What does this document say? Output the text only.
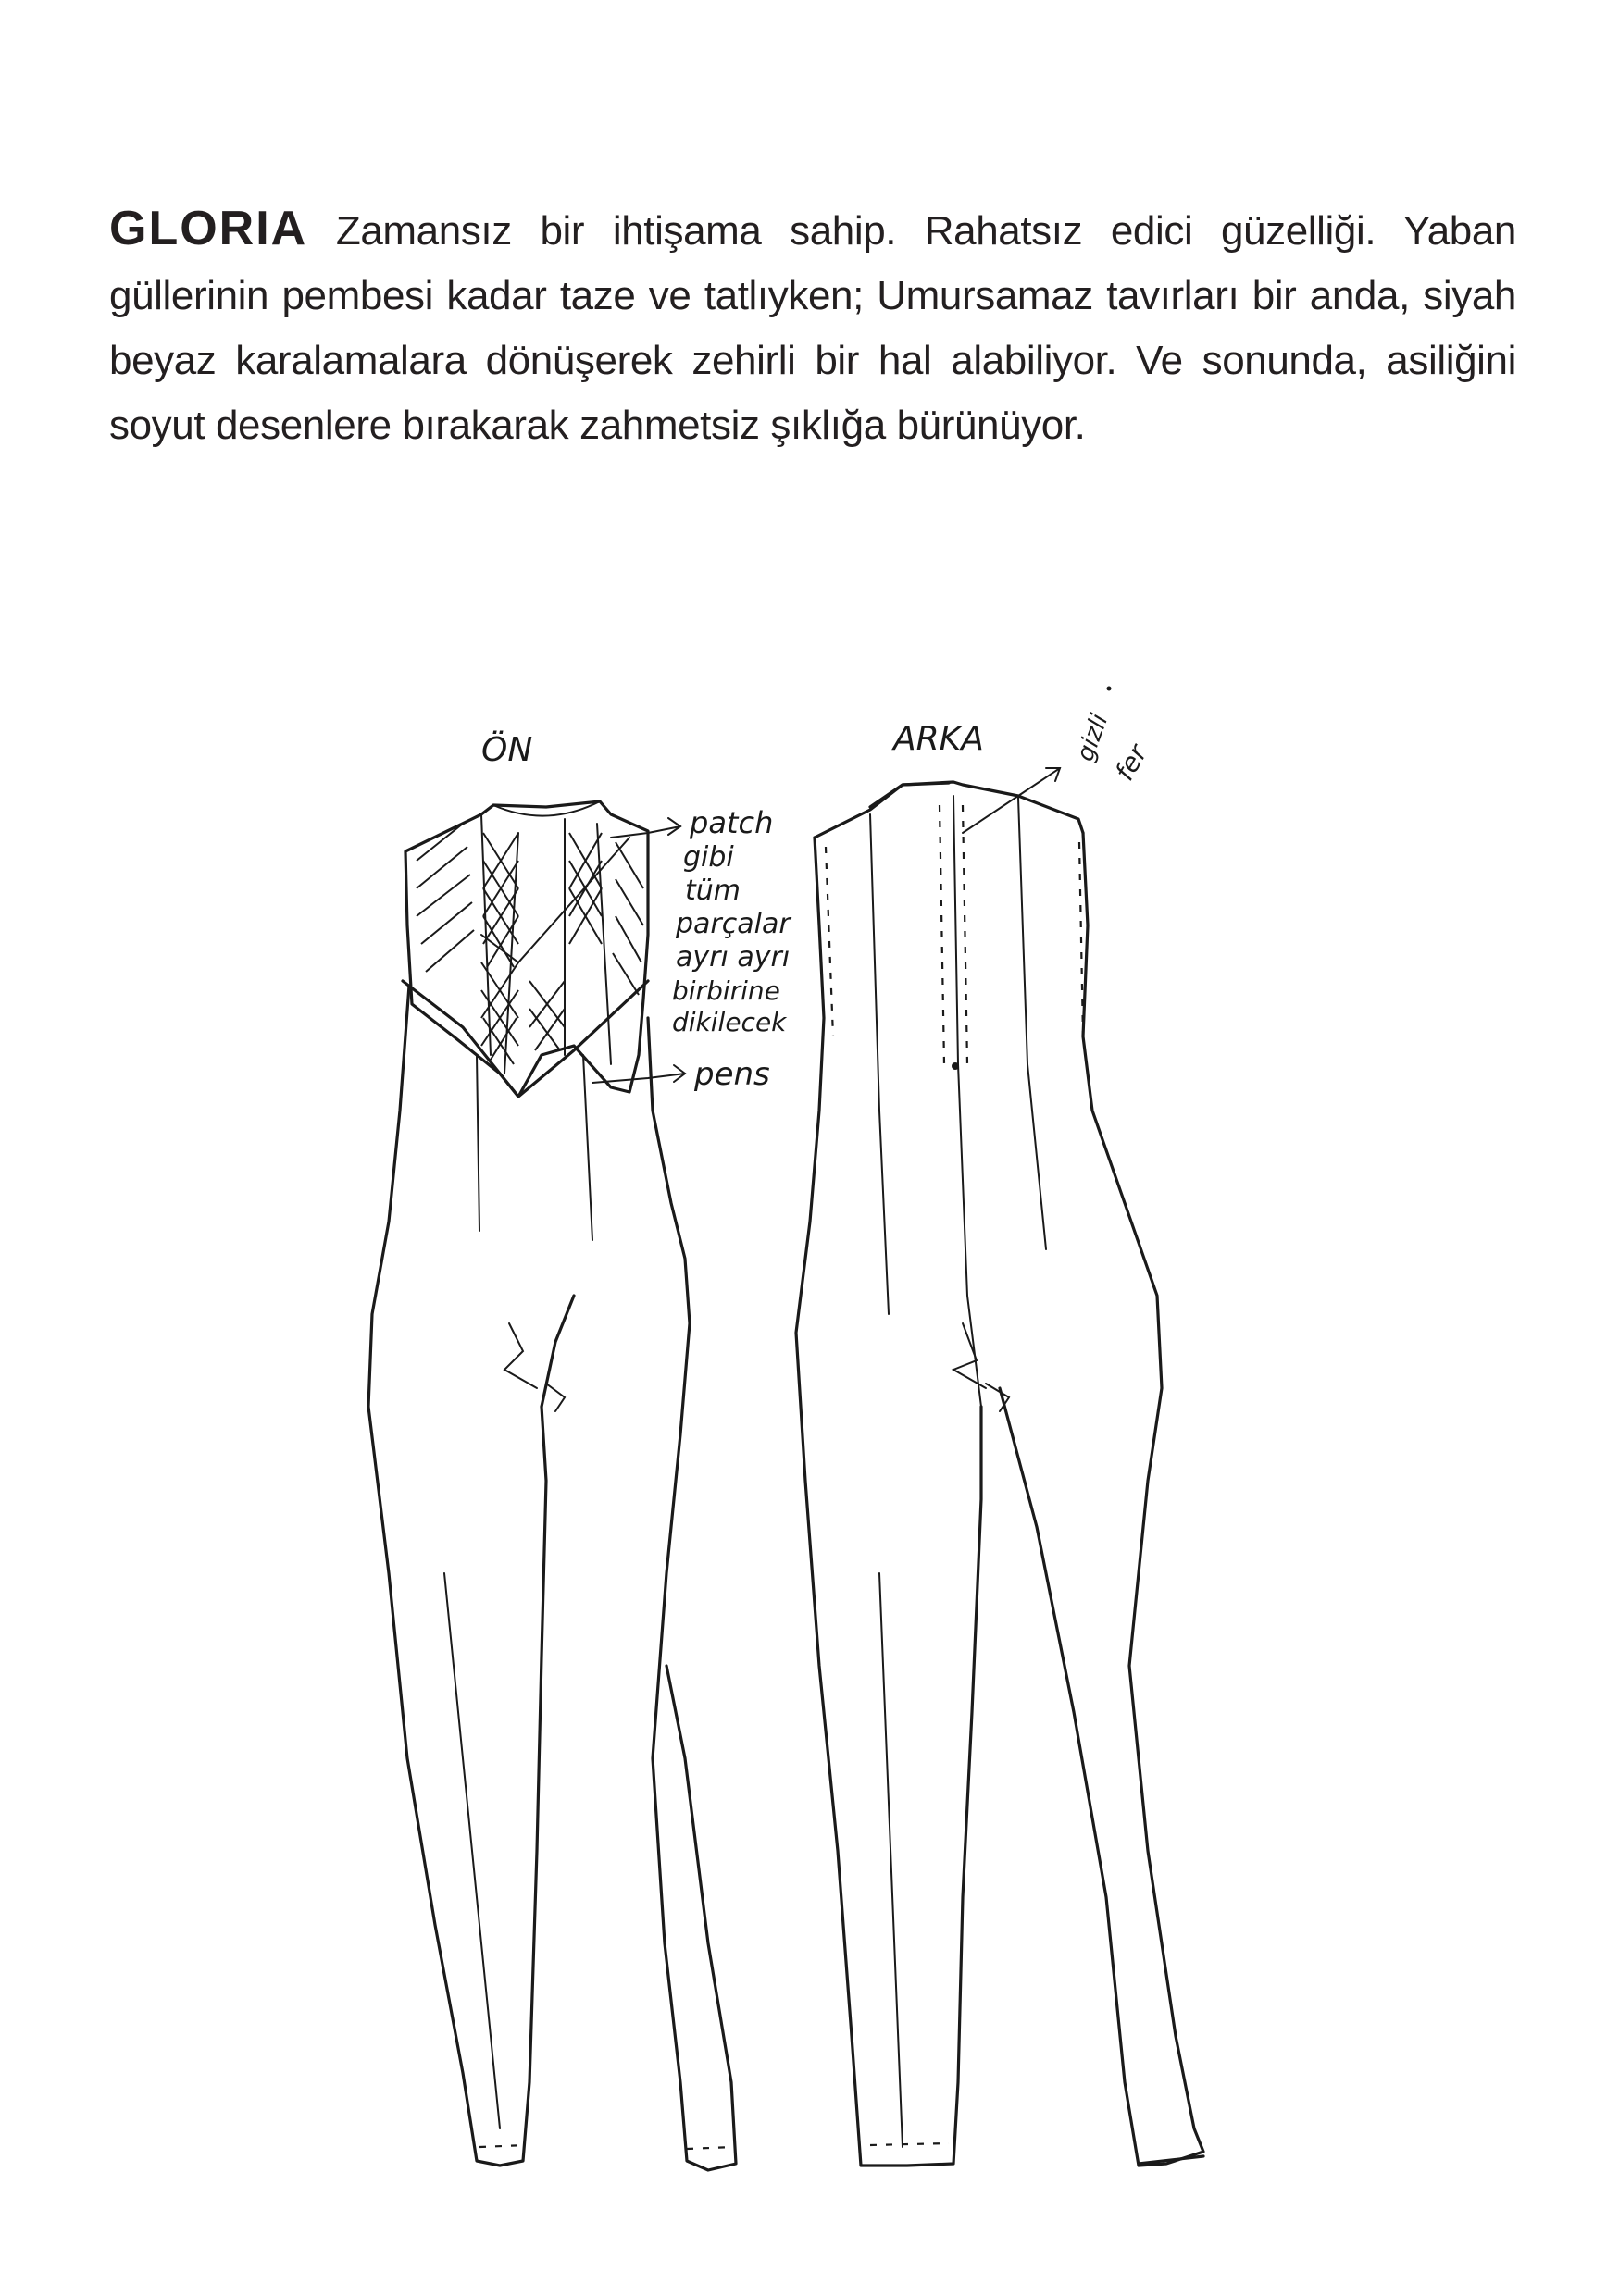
GLORIA Zamansız bir ihtişama sahip. Rahatsız edici güzelliği. Yaban güllerinin pembesi kadar taze ve tatlıyken; Umursamaz tavırları bir anda, siyah beyaz karalamalara dönüşerek zehirli bir hal alabiliyor. Ve sonunda, asiliğini soyut desenlere bırakarak zahmetsiz şıklığa bürünüyor.

ÖN
patch
gibi
tüm
parçalar
ayrı ayrı
birbirine
dikilecek
pens
ARKA	gizli
fer
